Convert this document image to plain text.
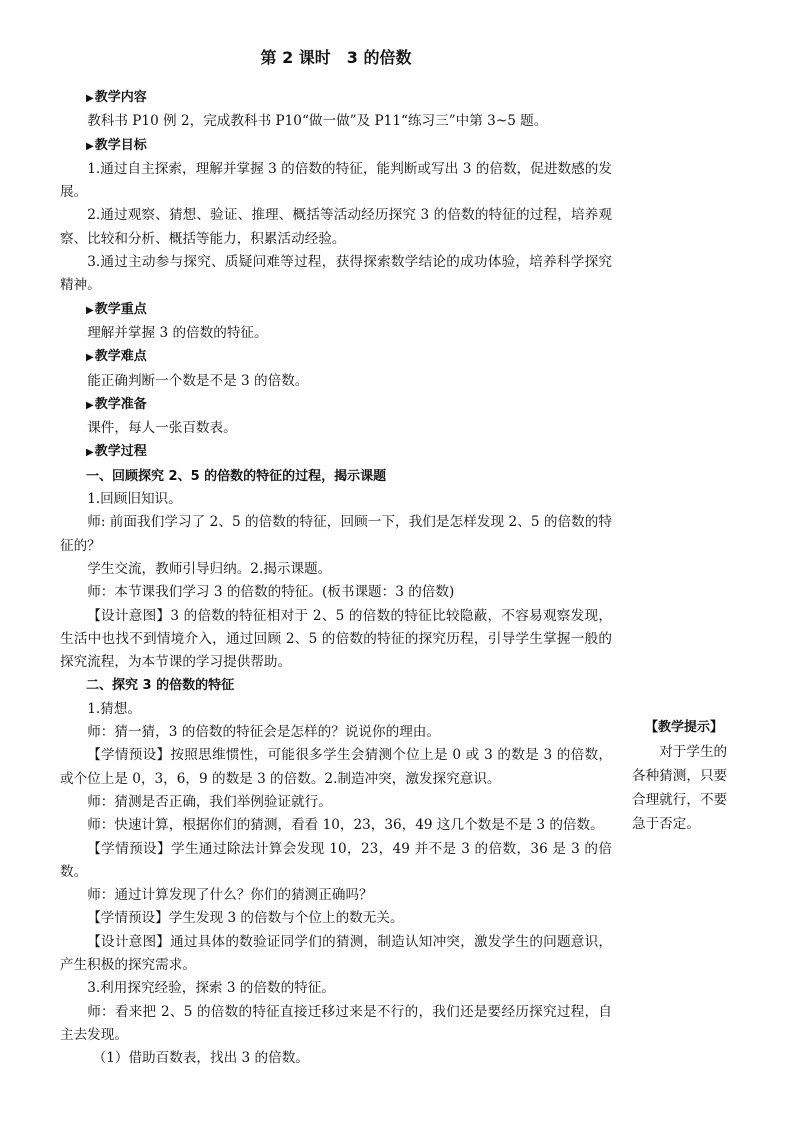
第 2 课时　3 的倍数
▶教学内容

教科书 P10 例 2，完成教科书 P10“做一做”及 P11“练习三”中第 3~5 题。

▶教学目标

1.通过自主探索，理解并掌握 3 的倍数的特征，能判断或写出 3 的倍数，促进数感的发展。

2.通过观察、猜想、验证、推理、概括等活动经历探究 3 的倍数的特征的过程，培养观察、比较和分析、概括等能力，积累活动经验。

3.通过主动参与探究、质疑问难等过程，获得探索数学结论的成功体验，培养科学探究精神。

▶教学重点

理解并掌握 3 的倍数的特征。

▶教学难点

能正确判断一个数是不是 3 的倍数。

▶教学准备

课件，每人一张百数表。

▶教学过程
一、回顾探究 2、5 的倍数的特征的过程，揭示课题

1.回顾旧知识。

师: 前面我们学习了 2、5 的倍数的特征，回顾一下，我们是怎样发现 2、5 的倍数的特征的？

学生交流，教师引导归纳。2.揭示课题。

师：本节课我们学习 3 的倍数的特征。(板书课题：3 的倍数)

【设计意图】3 的倍数的特征相对于 2、5 的倍数的特征比较隐蔽，不容易观察发现，生活中也找不到情境介入，通过回顾 2、5 的倍数的特征的探究历程，引导学生掌握一般的探究流程，为本节课的学习提供帮助。

二、探究 3 的倍数的特征

1.猜想。

师：猜一猜，3 的倍数的特征会是怎样的？说说你的理由。

【学情预设】按照思维惯性，可能很多学生会猜测个位上是 0 或 3 的数是 3 的倍数，或个位上是 0，3，6，9 的数是 3 的倍数。2.制造冲突，激发探究意识。

师：猜测是否正确，我们举例验证就行。

师：快速计算，根据你们的猜测，看看 10，23，36，49 这几个数是不是 3 的倍数。

【学情预设】学生通过除法计算会发现 10，23，49 并不是 3 的倍数，36 是 3 的倍数。

师：通过计算发现了什么？你们的猜测正确吗？

【学情预设】学生发现 3 的倍数与个位上的数无关。

【设计意图】通过具体的数验证同学们的猜测，制造认知冲突，激发学生的问题意识，产生积极的探究需求。

3.利用探究经验，探索 3 的倍数的特征。

师：看来把 2、5 的倍数的特征直接迁移过来是不行的，我们还是要经历探究过程，自主去发现。

（1）借助百数表，找出 3 的倍数。

【教学提示】

对于学生的各种猜测，只要合理就行，不要急于否定。
